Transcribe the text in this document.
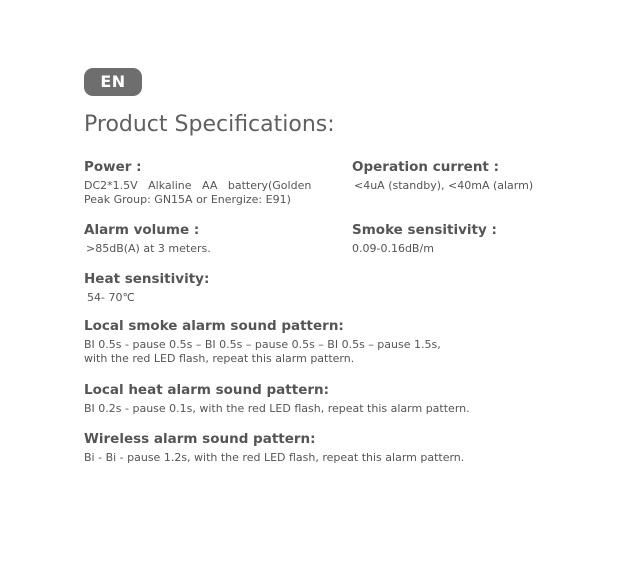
EN
Product Specifications:
Power :
DC2*1.5V   Alkaline   AA   battery(Golden
Peak Group: GN15A or Energize: E91)
Operation current :
<4uA (standby), <40mA (alarm)
Alarm volume :
>85dB(A) at 3 meters.
Smoke sensitivity :
0.09-0.16dB/m
Heat sensitivity:
54- 70℃
Local smoke alarm sound pattern:
BI 0.5s - pause 0.5s – BI 0.5s – pause 0.5s – BI 0.5s – pause 1.5s,
with the red LED flash, repeat this alarm pattern.
Local heat alarm sound pattern:
BI 0.2s - pause 0.1s, with the red LED flash, repeat this alarm pattern.
Wireless alarm sound pattern:
Bi - Bi - pause 1.2s, with the red LED flash, repeat this alarm pattern.
